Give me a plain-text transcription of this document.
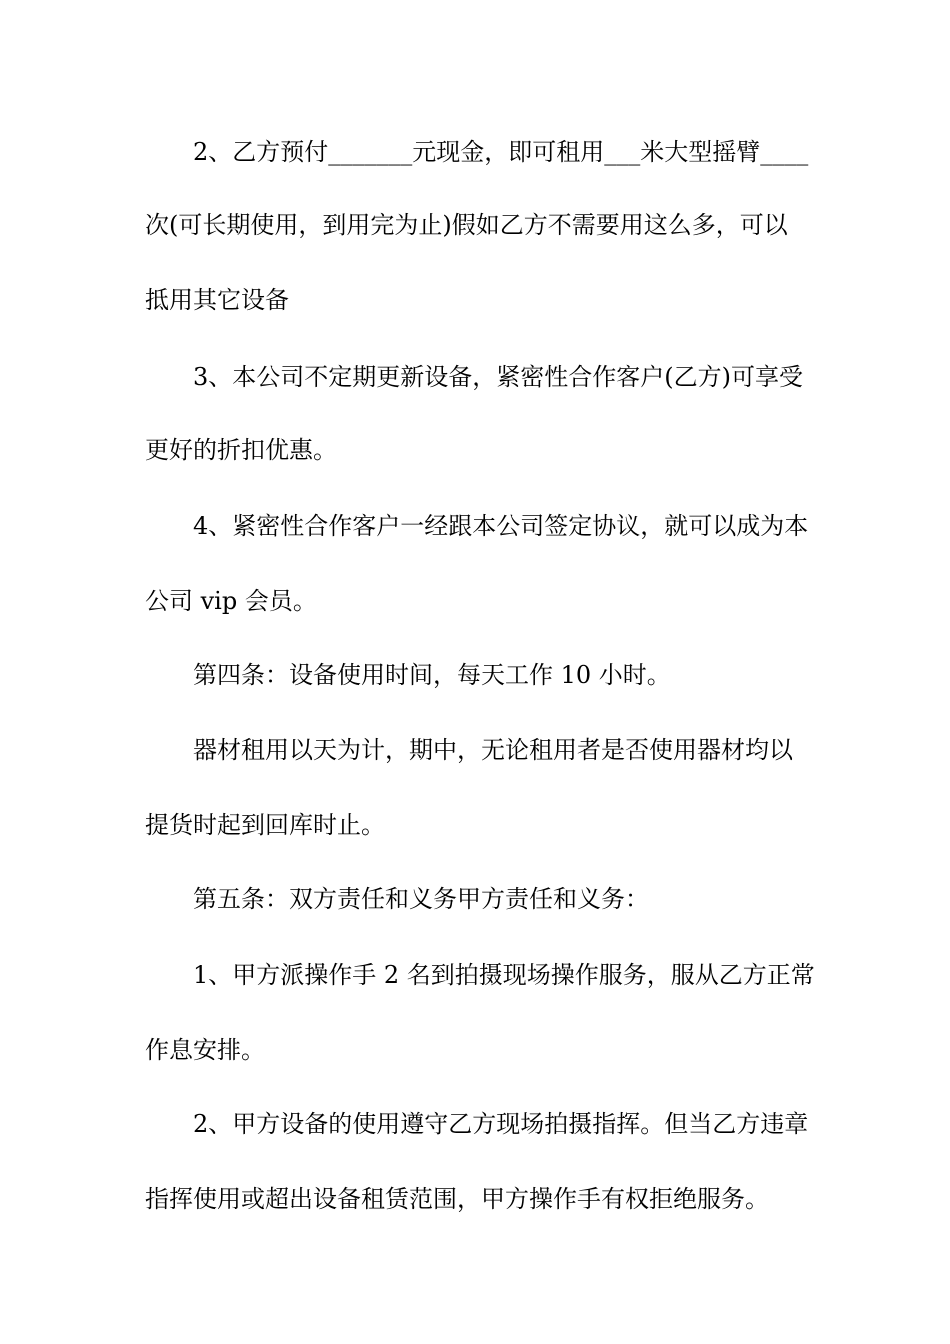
2、乙方预付_______元现金，即可租用___米大型摇臂____
次(可长期使用，到用完为止)假如乙方不需要用这么多，可以
抵用其它设备
3、本公司不定期更新设备，紧密性合作客户(乙方)可享受
更好的折扣优惠。
4、紧密性合作客户一经跟本公司签定协议，就可以成为本
公司 vip 会员。
第四条：设备使用时间，每天工作 10 小时。
器材租用以天为计，期中，无论租用者是否使用器材均以
提货时起到回库时止。
第五条：双方责任和义务甲方责任和义务：
1、甲方派操作手 2 名到拍摄现场操作服务，服从乙方正常
作息安排。
2、甲方设备的使用遵守乙方现场拍摄指挥。但当乙方违章
指挥使用或超出设备租赁范围，甲方操作手有权拒绝服务。
